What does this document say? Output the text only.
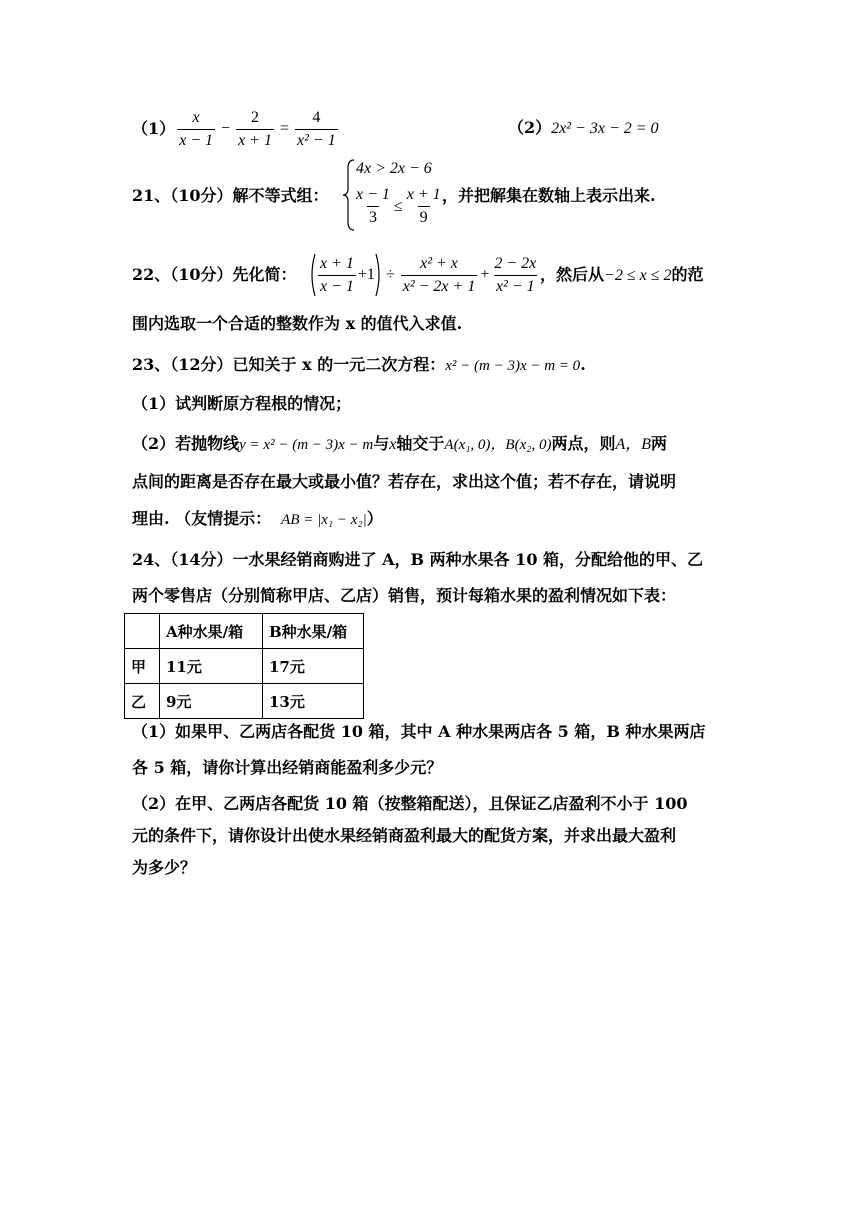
$(1) \frac{x}{x - 1} - \frac{2}{x + 1} = \frac{4}{\text{x² − 1}}$	（2）2x² − 3x − 2 = 0
21、（10分）解不等式组：
4x > 2x − 6
$\frac{x - 1}{3} \le \frac{x + 1}{9}$ ，并把解集在数轴上表示出来.
22、（10分）先化简： $\frac{x + 1}{x - 1} +1 \div \frac{\text{x² + x}}{\text{x² − 2x + 1}} + \frac{2 - 2x}{\text{x² − 1}}$ ，然后从−2 ≤ x ≤ 2的范
围内选取一个合适的整数作为 x 的值代入求值.
23、（12分）已知关于 x 的一元二次方程：x² − (m − 3)x − m = 0.
（1）试判断原方程根的情况；
（2）若抛物线y = x² − (m − 3)x − m与x轴交于A(x₁, 0)，B(x₂, 0)两点，则A，B两
点间的距离是否存在最大或最小值？若存在，求出这个值；若不存在，请说明
理由. （友情提示： AB = |x₁ − x₂|）
24、（14分）一水果经销商购进了 A，B 两种水果各 10 箱，分配给他的甲、乙
两个零售店（分别简称甲店、乙店）销售，预计每箱水果的盈利情况如下表：
	A种水果/箱	B种水果/箱
甲	11元	17元
乙	9元	13元
（1）如果甲、乙两店各配货 10 箱，其中 A 种水果两店各 5 箱，B 种水果两店
各 5 箱，请你计算出经销商能盈利多少元？
（2）在甲、乙两店各配货 10 箱（按整箱配送），且保证乙店盈利不小于 100
元的条件下，请你设计出使水果经销商盈利最大的配货方案，并求出最大盈利
为多少？
